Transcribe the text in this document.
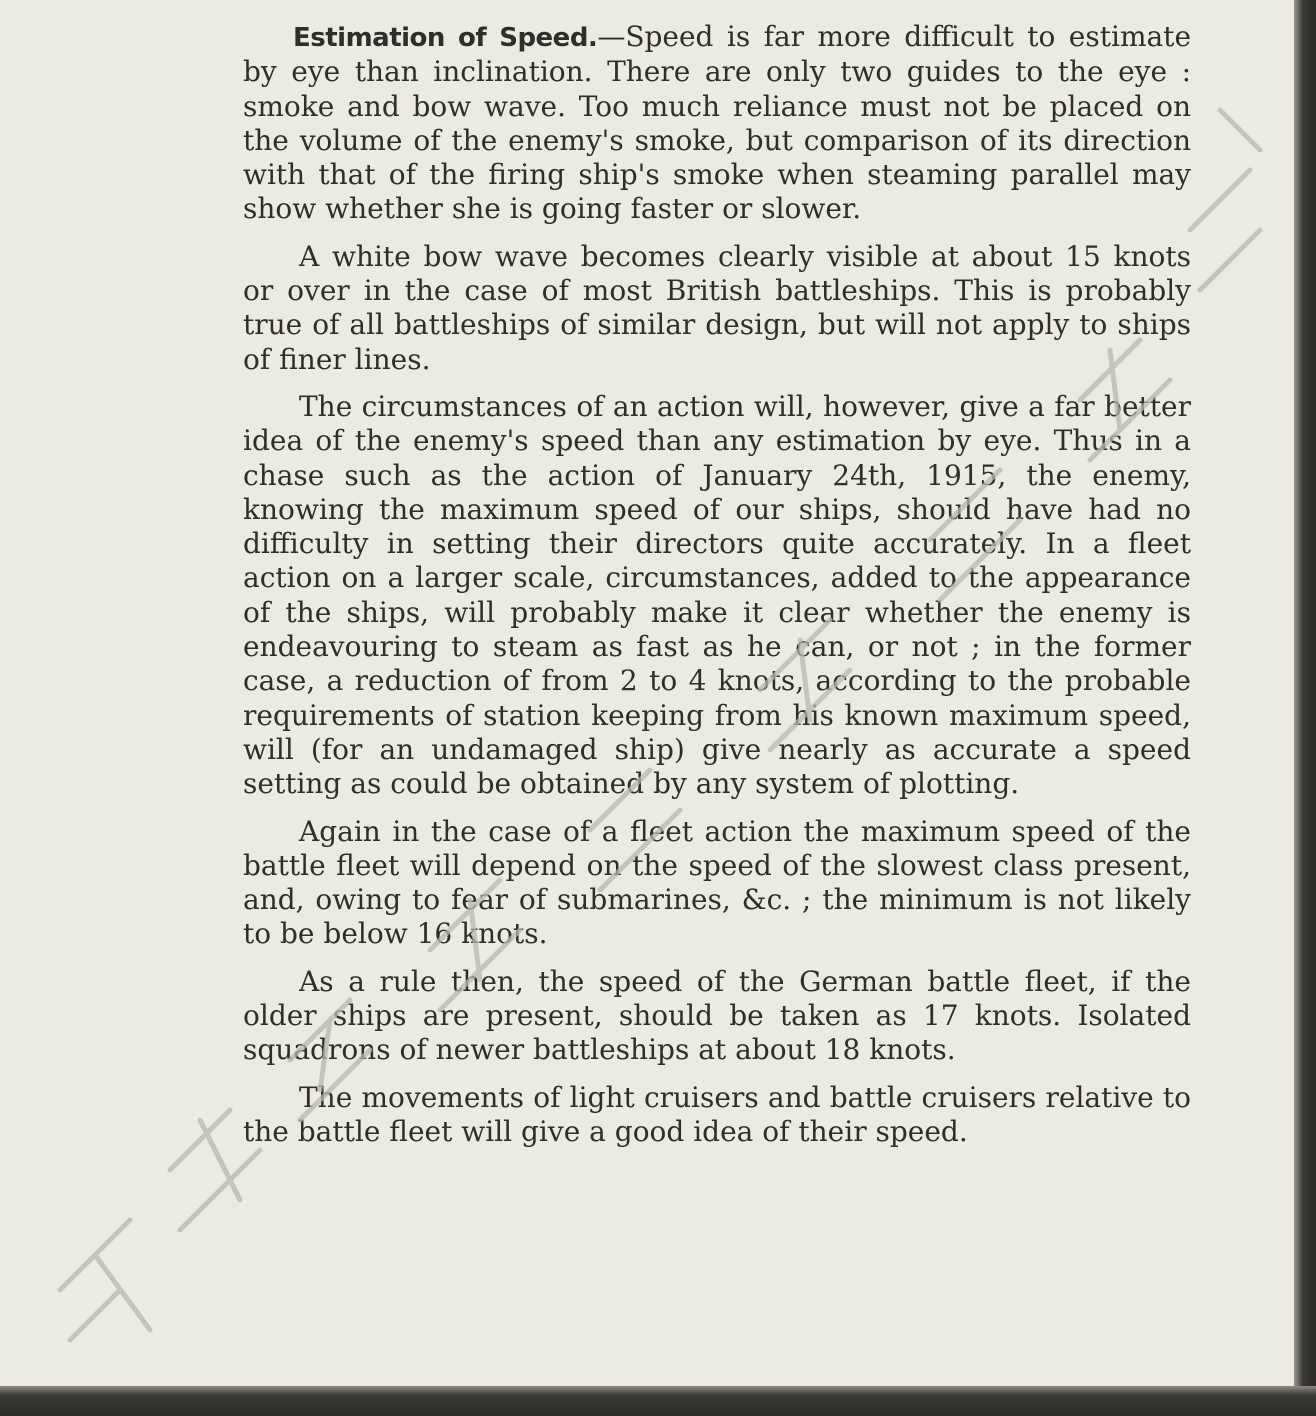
Estimation of Speed.—Speed is far more difficult to estimate by eye than inclination. There are only two guides to the eye : smoke and bow wave. Too much reliance must not be placed on the volume of the enemy's smoke, but comparison of its direction with that of the firing ship's smoke when steaming parallel may show whether she is going faster or slower.

A white bow wave becomes clearly visible at about 15 knots or over in the case of most British battleships. This is probably true of all battleships of similar design, but will not apply to ships of finer lines.

The circumstances of an action will, however, give a far better idea of the enemy's speed than any estimation by eye. Thus in a chase such as the action of January 24th, 1915, the enemy, knowing the maximum speed of our ships, should have had no difficulty in setting their directors quite accurately. In a fleet action on a larger scale, circumstances, added to the appearance of the ships, will probably make it clear whether the enemy is endeavouring to steam as fast as he can, or not ; in the former case, a reduction of from 2 to 4 knots, according to the probable requirements of station keeping from his known maximum speed, will (for an undamaged ship) give nearly as accurate a speed setting as could be obtained by any system of plotting.

Again in the case of a fleet action the maximum speed of the battle fleet will depend on the speed of the slowest class present, and, owing to fear of submarines, &c. ; the minimum is not likely to be below 16 knots.

As a rule then, the speed of the German battle fleet, if the older ships are present, should be taken as 17 knots. Isolated squadrons of newer battleships at about 18 knots.

The movements of light cruisers and battle cruisers relative to the battle fleet will give a good idea of their speed.
